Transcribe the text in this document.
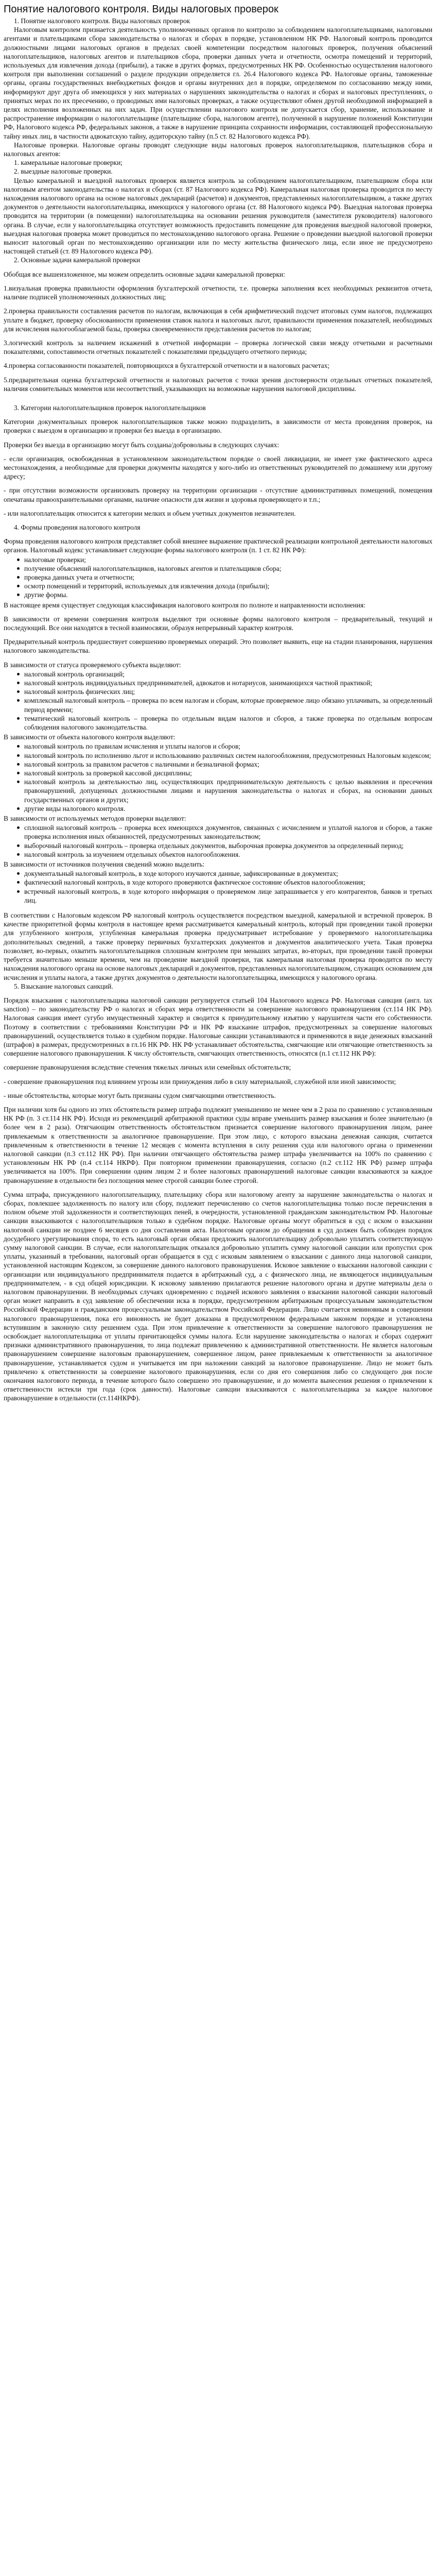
Понятие налогового контроля. Виды налоговых проверок

1. Понятие налогового контроля. Виды налоговых проверок

Налоговым контролем признается деятельность уполномоченных органов по контролю за соблюдением налогоплательщиками, налоговыми агентами и плательщиками сбора законодательства о налогах и сборах в порядке, установленном НК РФ. Налоговый контроль проводится должностными лицами налоговых органов в пределах своей компетенции посредством налоговых проверок, получения объяснений налогоплательщиков, налоговых агентов и плательщиков сбора, проверки данных учета и отчетности, осмотра помещений и территорий, используемых для извлечения дохода (прибыли), а также в других формах, предусмотренных НК РФ. Особенностью осуществления налогового контроля при выполнении соглашений о разделе продукции определяется гл. 26.4 Налогового кодекса РФ. Налоговые органы, таможенные органы, органы государственных внебюджетных фондов и органы внутренних дел в порядке, определяемом по согласованию между ними, информируют друг друга об имеющихся у них материалах о нарушениях законодательства о налогах и сборах и налоговых преступлениях, о принятых мерах по их пресечению, о проводимых ими налоговых проверках, а также осуществляют обмен другой необходимой информацией в целях исполнения возложенных на них задач. При осуществлении налогового контроля не допускается сбор, хранение, использование и распространение информации о налогоплательщике (плательщике сбора, налоговом агенте), полученной в нарушение положений Конституции РФ, Налогового кодекса РФ, федеральных законов, а также в нарушение принципа сохранности информации, составляющей профессиональную тайну иных лиц, в частности адвокатскую тайну, аудиторскую тайну (п.5 ст. 82 Налогового кодекса РФ).

Налоговые проверки. Налоговые органы проводят следующие виды налоговых проверок налогоплательщиков, плательщиков сбора и налоговых агентов:

1. камеральные налоговые проверки;

2. выездные налоговые проверки.

Целью камеральной и выездной налоговых проверок является контроль за соблюдением налогоплательщиком, плательщиком сбора или налоговым агентом законодательства о налогах и сборах (ст. 87 Налогового кодекса РФ). Камеральная налоговая проверка проводится по месту нахождения налогового органа на основе налоговых деклараций (расчетов) и документов, представленных налогоплательщиком, а также других документов о деятельности налогоплательщика, имеющихся у налогового органа (ст. 88 Налогового кодекса РФ). Выездная налоговая проверка проводится на территории (в помещении) налогоплательщика на основании решения руководителя (заместителя руководителя) налогового органа. В случае, если у налогоплательщика отсутствует возможность предоставить помещение для проведения выездной налоговой проверки, выездная налоговая проверка может проводиться по местонахождению налогового органа. Решение о проведении выездной налоговой проверки выносит налоговый орган по местонахождению организации или по месту жительства физического лица, если иное не предусмотрено настоящей статьей (ст. 89 Налогового кодекса РФ).

2. Основные задачи камеральной проверки

Обобщая все вышеизложенное, мы можем определить основные задачи камеральной проверки:

1.визуальная проверка правильности оформления бухгалтерской отчетности, т.е. проверка заполнения всех необходимых реквизитов отчета, наличие подписей уполномоченных должностных лиц;

2.проверка правильности составления расчетов по налогам, включающая в себя арифметический подсчет итоговых сумм налогов, подлежащих уплате в бюджет, проверку обоснованности применения ставок налога и налоговых льгот, правильности применения показателей, необходимых для исчисления налогооблагаемой базы, проверка своевременности представления расчетов по налогам;

3.логический контроль за наличием искажений в отчетной информации – проверка логической связи между отчетными и расчетными показателями, сопоставимости отчетных показателей с показателями предыдущего отчетного периода;

4.проверка согласованности показателей, повторяющихся в бухгалтерской отчетности и в налоговых расчетах;

5.предварительная оценка бухгалтерской отчетности и налоговых расчетов с точки зрения достоверности отдельных отчетных показателей, наличия сомнительных моментов или несоответствий, указывающих на возможные нарушения налоговой дисциплины.

3. Категории налогоплательщиков проверок налогоплательщиков

Категории документальных проверок налогоплательщиков также можно подразделить, в зависимости от места проведения проверок, на проверки с выездом в организацию и проверки без выезда в организацию.

Проверки без выезда в организацию могут быть созданы/добровольны в следующих случаях:

- если организация, освобожденная в установленном законодательством порядке о своей ликвидации, не имеет уже фактического адреса местонахождения, а необходимые для проверки документы находятся у кого-либо из ответственных руководителей по домашнему или другому адресу;

- при отсутствии возможности организовать проверку на территории организации - отсутствие административных помещений, помещения опечатаны правоохранительными органами, наличие опасности для жизни и здоровья проверяющего и т.п.;

- или налогоплательщик относится к категории мелких и объем учетных документов незначителен.

4. Формы проведения налогового контроля

Форма проведения налогового контроля представляет собой внешнее выражение практической реализации контрольной деятельности налоговых органов. Налоговый кодекс устанавливает следующие формы налогового контроля (п. 1 ст. 82 НК РФ):

налоговые проверки;
получение объяснений налогоплательщиков, налоговых агентов и плательщиков сбора;
проверка данных учета и отчетности;
осмотр помещений и территорий, используемых для извлечения дохода (прибыли);
другие формы.

В настоящее время существует следующая классификация налогового контроля по полноте и направленности исполнения:

В зависимости от времени совершения контроля выделяют три основные формы налогового контроля – предварительный, текущий и последующий. Все они находятся в тесной взаимосвязи, образуя непрерывный характер контроля.

Предварительный контроль предшествует совершению проверяемых операций. Это позволяет выявить, еще на стадии планирования, нарушения налогового законодательства.

В зависимости от статуса проверяемого субъекта выделяют:

налоговый контроль организаций;
налоговый контроль индивидуальных предпринимателей, адвокатов и нотариусов, занимающихся частной практикой;
налоговый контроль физических лиц;
комплексный налоговый контроль – проверка по всем налогам и сборам, которые проверяемое лицо обязано уплачивать, за определенный период времени;
тематический налоговый контроль – проверка по отдельным видам налогов и сборов, а также проверка по отдельным вопросам соблюдения налогового законодательства.

В зависимости от объекта налогового контроля выделяют:

налоговый контроль по правилам исчисления и уплаты налогов и сборов;
налоговый контроль по исполнению льгот и использованию различных систем налогообложения, предусмотренных Налоговым кодексом;
налоговый контроль за правилом расчетов с наличными и безналичной формах;
налоговый контроль за проверкой кассовой дисциплины;
налоговый контроль за деятельностью лиц, осуществляющих предпринимательскую деятельность с целью выявления и пресечения правонарушений, допущенных должностными лицами и нарушения законодательства о налогах и сборах, на основании данных государственных органов и других;
другие виды налогового контроля.

В зависимости от используемых методов проверки выделяют:

сплошной налоговый контроль – проверка всех имеющихся документов, связанных с исчислением и уплатой налогов и сборов, а также проверка исполнения иных обязанностей, предусмотренных законодательством;
выборочный налоговый контроль – проверка отдельных документов, выборочная проверка документов за определенный период;
налоговый контроль за изучением отдельных объектов налогообложения.

В зависимости от источников получения сведений можно выделить:

документальный налоговый контроль, в ходе которого изучаются данные, зафиксированные в документах;
фактический налоговый контроль, в ходе которого проверяются фактическое состояние объектов налогообложения;
встречный налоговый контроль, в ходе которого информация о проверяемом лице запрашивается у его контрагентов, банков и третьих лиц.

В соответствии с Налоговым кодексом РФ налоговый контроль осуществляется посредством выездной, камеральной и встречной проверок. В качестве приоритетной формы контроля в настоящее время рассматривается камеральный контроль, который при проведении такой проверки для углубленного контроля, углубленная камеральная проверка предусматривает истребование у проверяемого налогоплательщика дополнительных сведений, а также проверку первичных бухгалтерских документов и документов аналитического учета. Такая проверка позволяет, во-первых, охватить налогоплательщиков сплошным контролем при меньших затратах, во-вторых, при проведении такой проверки требуется значительно меньше времени, чем на проведение выездной проверки, так камеральная налоговая проверка проводится по месту нахождения налогового органа на основе налоговых деклараций и документов, представленных налогоплательщиком, служащих основанием для исчисления и уплаты налога, а также других документов о деятельности налогоплательщика, имеющихся у налогового органа.

5. Взыскание налоговых санкций.

Порядок взыскания с налогоплательщика налоговой санкции регулируется статьей 104 Налогового кодекса РФ. Налоговая санкция (англ. tax sanction) – по законодательству РФ о налогах и сборах мера ответственности за совершение налогового правонарушения (ст.114 НК РФ). Налоговая санкция имеет сугубо имущественный характер и сводится к принудительному изъятию у нарушителя части его собственности. Поэтому в соответствии с требованиями Конституции РФ и НК РФ взыскание штрафов, предусмотренных за совершение налоговых правонарушений, осуществляется только в судебном порядке. Налоговые санкции устанавливаются и применяются в виде денежных взысканий (штрафов) в размерах, предусмотренных в гл.16 НК РФ. НК РФ устанавливает обстоятельства, смягчающие или отягчающие ответственность за совершение налогового правонарушения. К числу обстоятельств, смягчающих ответственность, относятся (п.1 ст.112 НК РФ):

совершение правонарушения вследствие стечения тяжелых личных или семейных обстоятельств;

- совершение правонарушения под влиянием угрозы или принуждения либо в силу материальной, служебной или иной зависимости;

- иные обстоятельства, которые могут быть признаны судом смягчающими ответственность.

При наличии хотя бы одного из этих обстоятельств размер штрафа подлежит уменьшению не менее чем в 2 раза по сравнению с установленным НК РФ (п. 3 ст.114 НК РФ). Исходя из рекомендаций арбитражной практики суды вправе уменьшить размер взыскания и более значительно (в более чем в 2 раза). Отягчающим ответственность обстоятельством признается совершение налогового правонарушения лицом, ранее привлекаемым к ответственности за аналогичное правонарушение. При этом лицо, с которого взыскана денежная санкция, считается привлеченным к ответственности в течение 12 месяцев с момента вступления в силу решения суда или налогового органа о применении налоговой санкции (п.3 ст.112 НК РФ). При наличии отягчающего обстоятельства размер штрафа увеличивается на 100% по сравнению с установленным НК РФ (п.4 ст.114 НКРФ). При повторном применении правонарушения, согласно (п.2 ст.112 НК РФ) размер штрафа увеличивается на 100%. При совершении одним лицом 2 и более налоговых правонарушений налоговые санкции взыскиваются за каждое правонарушение в отдельности без поглощения менее строгой санкции более строгой.

Сумма штрафа, присужденного налогоплательщику, плательщику сбора или налоговому агенту за нарушение законодательства о налогах и сборах, повлекшее задолженность по налогу или сбору, подлежит перечислению со счетов налогоплательщика только после перечисления в полном объеме этой задолженности и соответствующих пеней, в очередности, установленной гражданским законодательством РФ. Налоговые санкции взыскиваются с налогоплательщиков только в судебном порядке. Налоговые органы могут обратиться в суд с иском о взыскании налоговой санкции не позднее 6 месяцев со дня составления акта. Налоговым органом до обращения в суд должен быть соблюден порядок досудебного урегулирования спора, то есть налоговый орган обязан предложить налогоплательщику добровольно уплатить соответствующую сумму налоговой санкции. В случае, если налогоплательщик отказался добровольно уплатить сумму налоговой санкции или пропустил срок уплаты, указанный в требовании, налоговый орган обращается в суд с исковым заявлением о взыскании с данного лица налоговой санкции, установленной настоящим Кодексом, за совершение данного налогового правонарушения. Исковое заявление о взыскании налоговой санкции с организации или индивидуального предпринимателя подается в арбитражный суд, а с физического лица, не являющегося индивидуальным предпринимателем, - в суд общей юрисдикции. К исковому заявлению прилагаются решение налогового органа и другие материалы дела о налоговом правонарушении. В необходимых случаях одновременно с подачей искового заявления о взыскании налоговой санкции налоговый орган может направить в суд заявление об обеспечении иска в порядке, предусмотренном арбитражным процессуальным законодательством Российской Федерации и гражданским процессуальным законодательством Российской Федерации. Лицо считается невиновным в совершении налогового правонарушения, пока его виновность не будет доказана в предусмотренном федеральным законом порядке и установлена вступившим в законную силу решением суда. При этом привлечение к ответственности за совершение налогового правонарушения не освобождает налогоплательщика от уплаты причитающейся суммы налога. Если нарушение законодательства о налогах и сборах содержит признаки административного правонарушения, то лица подлежат привлечению к административной ответственности. Не является налоговым правонарушением совершение налоговым правонарушением, совершенное лицом, ранее привлекаемым к ответственности за аналогичное правонарушение, устанавливается судом и учитывается им при наложении санкций за налоговое правонарушение. Лицо не может быть привлечено к ответственности за совершение налогового правонарушения, если со дня его совершения либо со следующего дня после окончания налогового периода, в течение которого было совершено это правонарушение, и до момента вынесения решения о привлечении к ответственности истекли три года (срок давности). Налоговые санкции взыскиваются с налогоплательщика за каждое налоговое правонарушение в отдельности (ст.114НКРФ).
